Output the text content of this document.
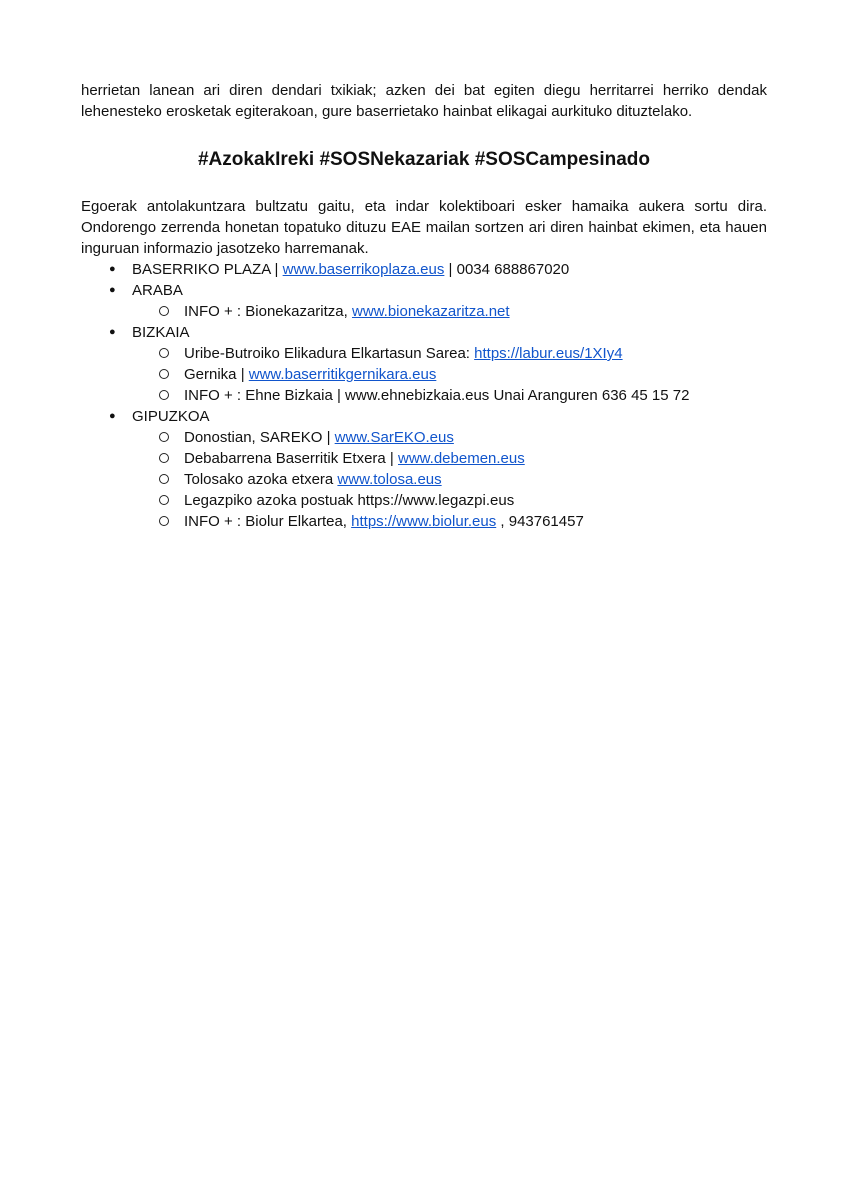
herrietan lanean ari diren dendari txikiak; azken dei bat egiten diegu herritarrei herriko dendak lehenesteko erosketak egiterakoan, gure baserrietako hainbat elikagai aurkituko dituztelako.

#AzokakIreki #SOSNekazariak #SOSCampesinado

Egoerak antolakuntzara bultzatu gaitu, eta indar kolektiboari esker hamaika aukera sortu dira. Ondorengo zerrenda honetan topatuko dituzu EAE mailan sortzen ari diren hainbat ekimen, eta hauen inguruan informazio jasotzeko harremanak.

● BASERRIKO PLAZA | www.baserrikoplaza.eus | 0034 688867020
● ARABA
INFO + : Bionekazaritza, www.bionekazaritza.net
● BIZKAIA
Uribe-Butroiko Elikadura Elkartasun Sarea: https://labur.eus/1XIy4
Gernika | www.baserritikgernikara.eus
INFO + : Ehne Bizkaia | www.ehnebizkaia.eus Unai Aranguren 636 45 15 72
● GIPUZKOA
Donostian, SAREKO | www.SarEKO.eus
Debabarrena Baserritik Etxera | www.debemen.eus
Tolosako azoka etxera www.tolosa.eus
Legazpiko azoka postuak https://www.legazpi.eus
INFO + : Biolur Elkartea, https://www.biolur.eus , 943761457
